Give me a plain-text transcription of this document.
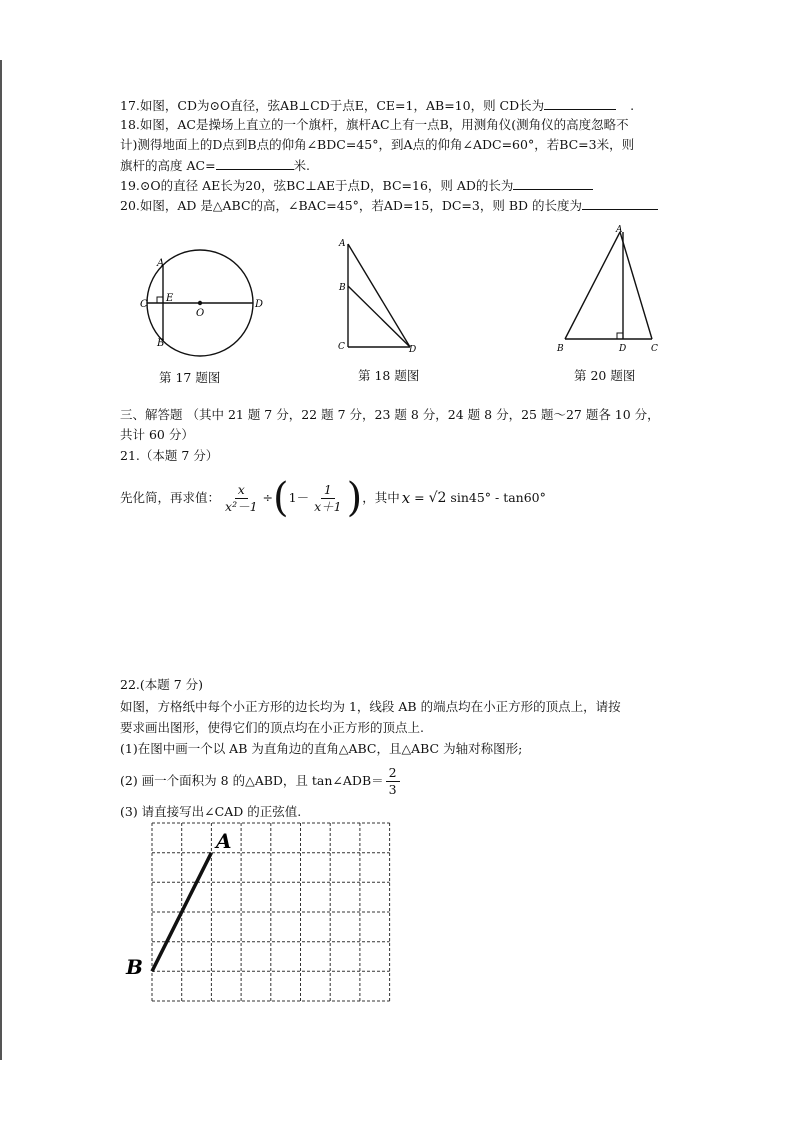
17.如图，CD为⊙O直径，弦AB⊥CD于点E，CE=1，AB=10，则 CD长为	.
18.如图，AC是操场上直立的一个旗杆，旗杆AC上有一点B，用测角仪(测角仪的高度忽略不
计)测得地面上的D点到B点的仰角∠BDC=45°，到A点的仰角∠ADC=60°，若BC=3米，则
旗杆的高度 AC=	米.
19.⊙O的直径 AE长为20，弦BC⊥AE于点D，BC=16，则 AD的长为
20.如图，AD 是△ABC的高，∠BAC=45°，若AD=15，DC=3，则 BD 的长度为
A
B
C
E
O
D
第 17 题图
A
B
C	D
第 18 题图
A
B	D	C
第 20 题图
三、解答题 （其中 21 题 7 分，22 题 7 分，23 题 8 分，24 题 8 分，25 题～27 题各 10 分，
共计 60 分）
21.（本题 7 分）
先化简，再求值： $\frac{x}{\text{x²－1}}$ ÷ ( $1- \frac{1}{x+1}$ ) ，其中 x = √2 sin45° - tan60°
22.(本题 7 分)
如图，方格纸中每个小正方形的边长均为 1，线段 AB 的端点均在小正方形的顶点上，请按
要求画出图形，使得它们的顶点均在小正方形的顶点上.
(1)在图中画一个以 AB 为直角边的直角△ABC，且△ABC 为轴对称图形;
(2) 画一个面积为 8 的△ABD，且 tan∠ADB＝ $\frac{2}{3}$
(3) 请直接写出∠CAD 的正弦值.
A
B
